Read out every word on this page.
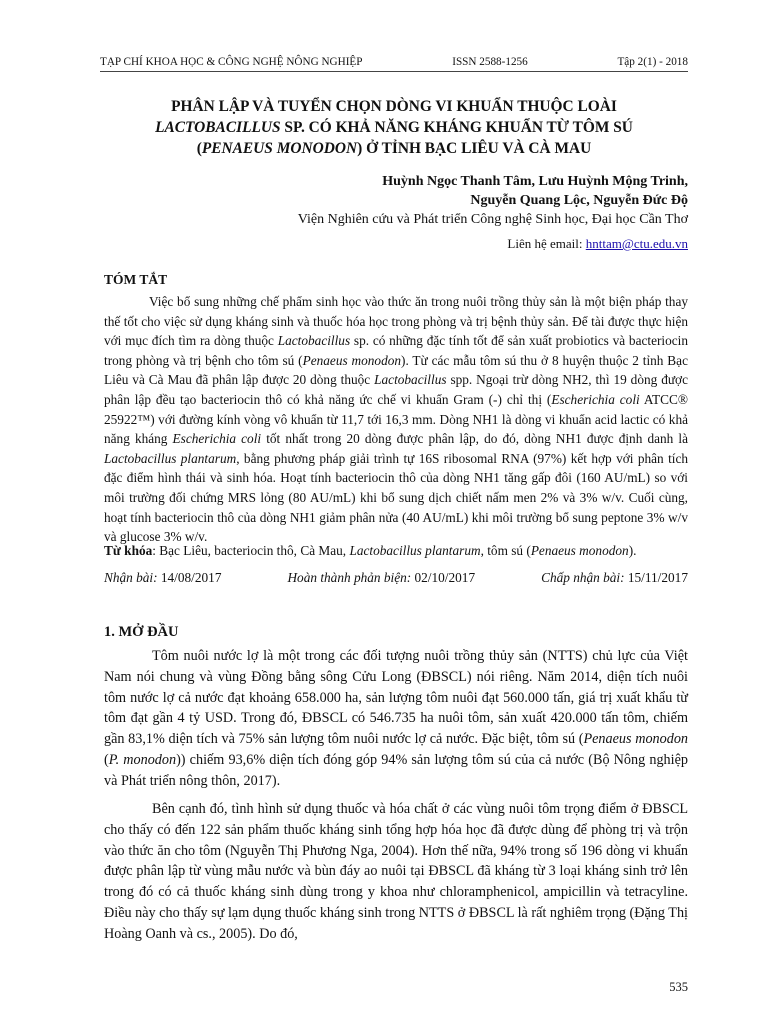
TẠP CHÍ KHOA HỌC & CÔNG NGHỆ NÔNG NGHIỆP	ISSN 2588-1256	Tập 2(1) - 2018
PHÂN LẬP VÀ TUYỂN CHỌN DÒNG VI KHUẨN THUỘC LOÀI
LACTOBACILLUS SP. CÓ KHẢ NĂNG KHÁNG KHUẨN TỪ TÔM SÚ
(PENAEUS MONODON) Ở TỈNH BẠC LIÊU VÀ CÀ MAU
Huỳnh Ngọc Thanh Tâm, Lưu Huỳnh Mộng Trinh,
Nguyễn Quang Lộc, Nguyễn Đức Độ
Viện Nghiên cứu và Phát triển Công nghệ Sinh học, Đại học Cần Thơ
Liên hệ email: hnttam@ctu.edu.vn
TÓM TẮT

Việc bổ sung những chế phẩm sinh học vào thức ăn trong nuôi trồng thủy sản là một biện pháp thay thế tốt cho việc sử dụng kháng sinh và thuốc hóa học trong phòng và trị bệnh thủy sản. Để tài được thực hiện với mục đích tìm ra dòng thuộc Lactobacillus sp. có những đặc tính tốt để sản xuất probiotics và bacteriocin trong phòng và trị bệnh cho tôm sú (Penaeus monodon). Từ các mẫu tôm sú thu ở 8 huyện thuộc 2 tỉnh Bạc Liêu và Cà Mau đã phân lập được 20 dòng thuộc Lactobacillus spp. Ngoại trừ dòng NH2, thì 19 dòng được phân lập đều tạo bacteriocin thô có khả năng ức chế vi khuẩn Gram (-) chỉ thị (Escherichia coli ATCC® 25922™) với đường kính vòng vô khuẩn từ 11,7 tới 16,3 mm. Dòng NH1 là dòng vi khuẩn acid lactic có khả năng kháng Escherichia coli tốt nhất trong 20 dòng được phân lập, do đó, dòng NH1 được định danh là Lactobacillus plantarum, bằng phương pháp giải trình tự 16S ribosomal RNA (97%) kết hợp với phân tích đặc điểm hình thái và sinh hóa. Hoạt tính bacteriocin thô của dòng NH1 tăng gấp đôi (160 AU/mL) so với môi trường đối chứng MRS lỏng (80 AU/mL) khi bổ sung dịch chiết nấm men 2% và 3% w/v. Cuối cùng, hoạt tính bacteriocin thô của dòng NH1 giảm phân nửa (40 AU/mL) khi môi trường bổ sung peptone 3% w/v và glucose 3% w/v.

Từ khóa: Bạc Liêu, bacteriocin thô, Cà Mau, Lactobacillus plantarum, tôm sú (Penaeus monodon).
Nhận bài: 14/08/2017	Hoàn thành phản biện: 02/10/2017	Chấp nhận bài: 15/11/2017
1. MỞ ĐẦU

Tôm nuôi nước lợ là một trong các đối tượng nuôi trồng thủy sản (NTTS) chủ lực của Việt Nam nói chung và vùng Đồng bằng sông Cửu Long (ĐBSCL) nói riêng. Năm 2014, diện tích nuôi tôm nước lợ cả nước đạt khoảng 658.000 ha, sản lượng tôm nuôi đạt 560.000 tấn, giá trị xuất khẩu từ tôm đạt gần 4 tỷ USD. Trong đó, ĐBSCL có 546.735 ha nuôi tôm, sản xuất 420.000 tấn tôm, chiếm gần 83,1% diện tích và 75% sản lượng tôm nuôi nước lợ cả nước. Đặc biệt, tôm sú (Penaeus monodon (P. monodon)) chiếm 93,6% diện tích đóng góp 94% sản lượng tôm sú của cả nước (Bộ Nông nghiệp và Phát triển nông thôn, 2017).

Bên cạnh đó, tình hình sử dụng thuốc và hóa chất ở các vùng nuôi tôm trọng điểm ở ĐBSCL cho thấy có đến 122 sản phẩm thuốc kháng sinh tổng hợp hóa học đã được dùng để phòng trị và trộn vào thức ăn cho tôm (Nguyễn Thị Phương Nga, 2004). Hơn thế nữa, 94% trong số 196 dòng vi khuẩn được phân lập từ vùng mẫu nước và bùn đáy ao nuôi tại ĐBSCL đã kháng từ 3 loại kháng sinh trở lên trong đó có cả thuốc kháng sinh dùng trong y khoa như chloramphenicol, ampicillin và tetracyline. Điều này cho thấy sự lạm dụng thuốc kháng sinh trong NTTS ở ĐBSCL là rất nghiêm trọng (Đặng Thị Hoàng Oanh và cs., 2005). Do đó,

535
